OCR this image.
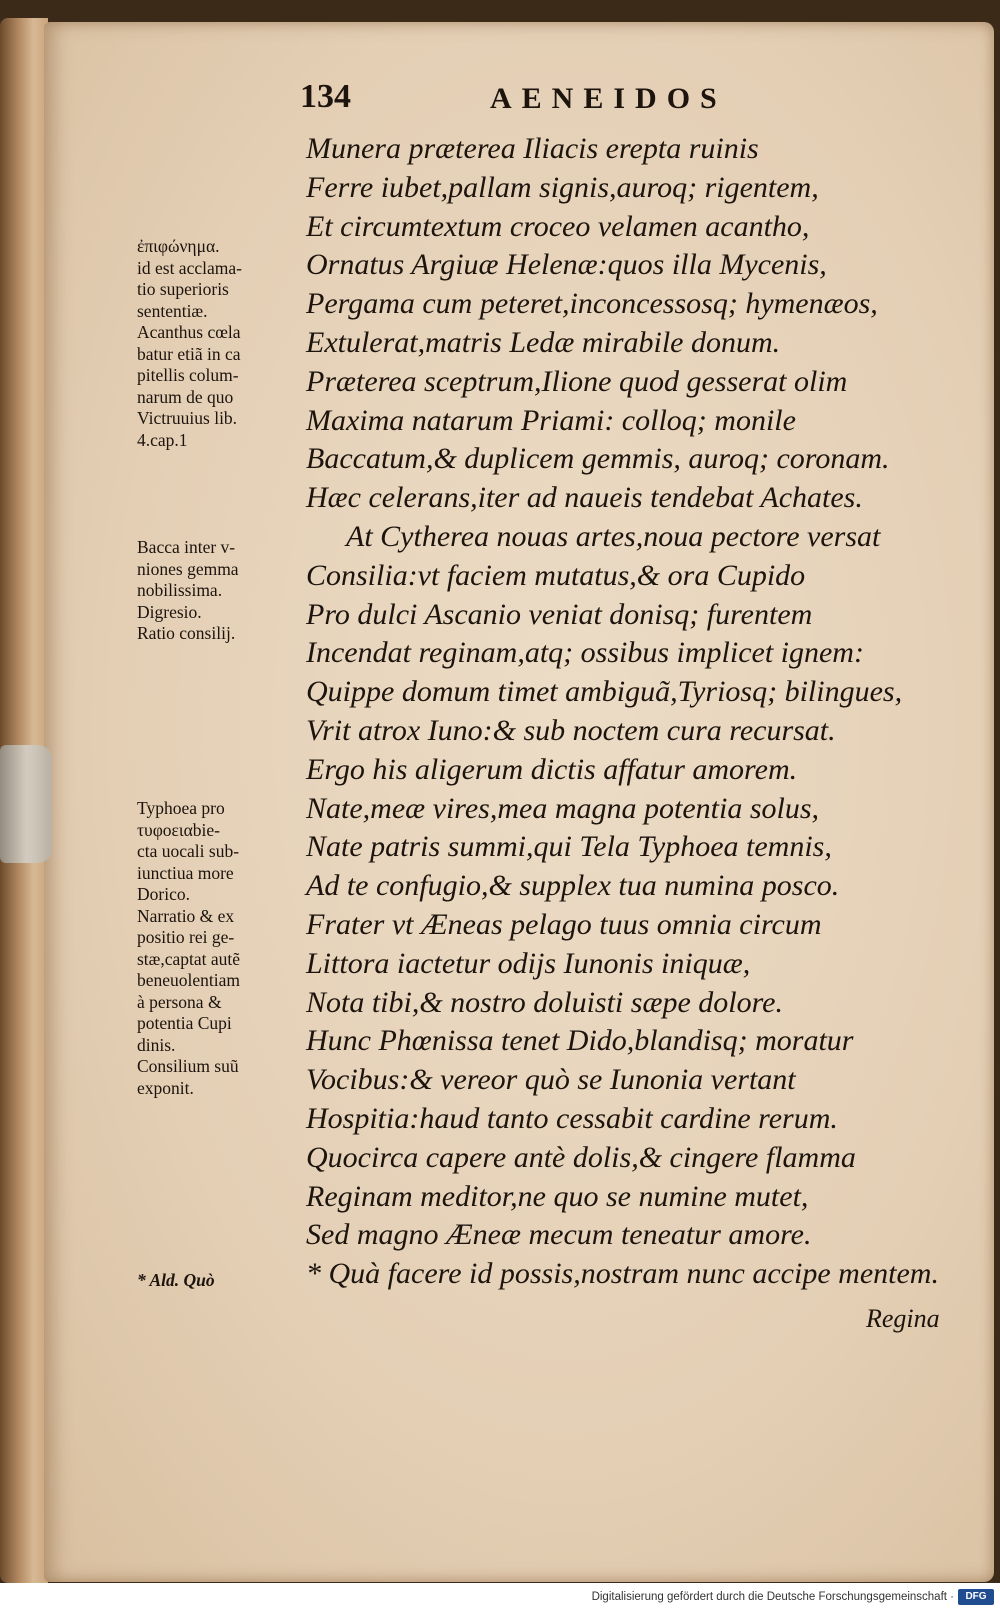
134	AENEIDOS
Munera præterea Iliacis erepta ruinis
Ferre iubet,pallam signis,auroq; rigentem,
Et circumtextum croceo velamen acantho,
Ornatus Argiuæ Helenæ:quos illa Mycenis,
Pergama cum peteret,inconcessosq; hymenæos,
Extulerat,matris Ledæ mirabile donum.
Præterea sceptrum,Ilione quod gesserat olim
Maxima natarum Priami: colloq; monile
Baccatum,& duplicem gemmis, auroq; coronam.
Hæc celerans,iter ad naueis tendebat Achates.
At Cytherea nouas artes,noua pectore versat
Consilia:vt faciem mutatus,& ora Cupido
Pro dulci Ascanio veniat donisq; furentem
Incendat reginam,atq; ossibus implicet ignem:
Quippe domum timet ambiguã,Tyriosq; bilingues,
Vrit atrox Iuno:& sub noctem cura recursat.
Ergo his aligerum dictis affatur amorem.
Nate,meæ vires,mea magna potentia solus,
Nate patris summi,qui Tela Typhoea temnis,
Ad te confugio,& supplex tua numina posco.
Frater vt Æneas pelago tuus omnia circum
Littora iactetur odijs Iunonis iniquæ,
Nota tibi,& nostro doluisti sæpe dolore.
Hunc Phœnissa tenet Dido,blandisq; moratur
Vocibus:& vereor quò se Iunonia vertant
Hospitia:haud tanto cessabit cardine rerum.
Quocirca capere antè dolis,& cingere flamma
Reginam meditor,ne quo se numine mutet,
Sed magno Æneæ mecum teneatur amore.
* Quà facere id possis,nostram nunc accipe mentem.
ἐπιφώνημα.
id est acclama-
tio superioris
sententiæ.
Acanthus cœla
batur etiã in ca
pitellis colum-
narum de quo
Victruuius lib.
4.cap.1
Bacca inter v-
niones gemma
nobilissima.
Digresio.
Ratio consilij.
Typhoea pro
τυφοειαbie-
cta uocali sub-
iunctiua more
Dorico.
Narratio & ex
positio rei ge-
stæ,captat autẽ
beneuolentiam
à persona &
potentia Cupi
dinis.
Consilium suũ
exponit.
* Ald. Quò
Regina
Digitalisierung gefördert durch die Deutsche Forschungsgemeinschaft ·	DFG
